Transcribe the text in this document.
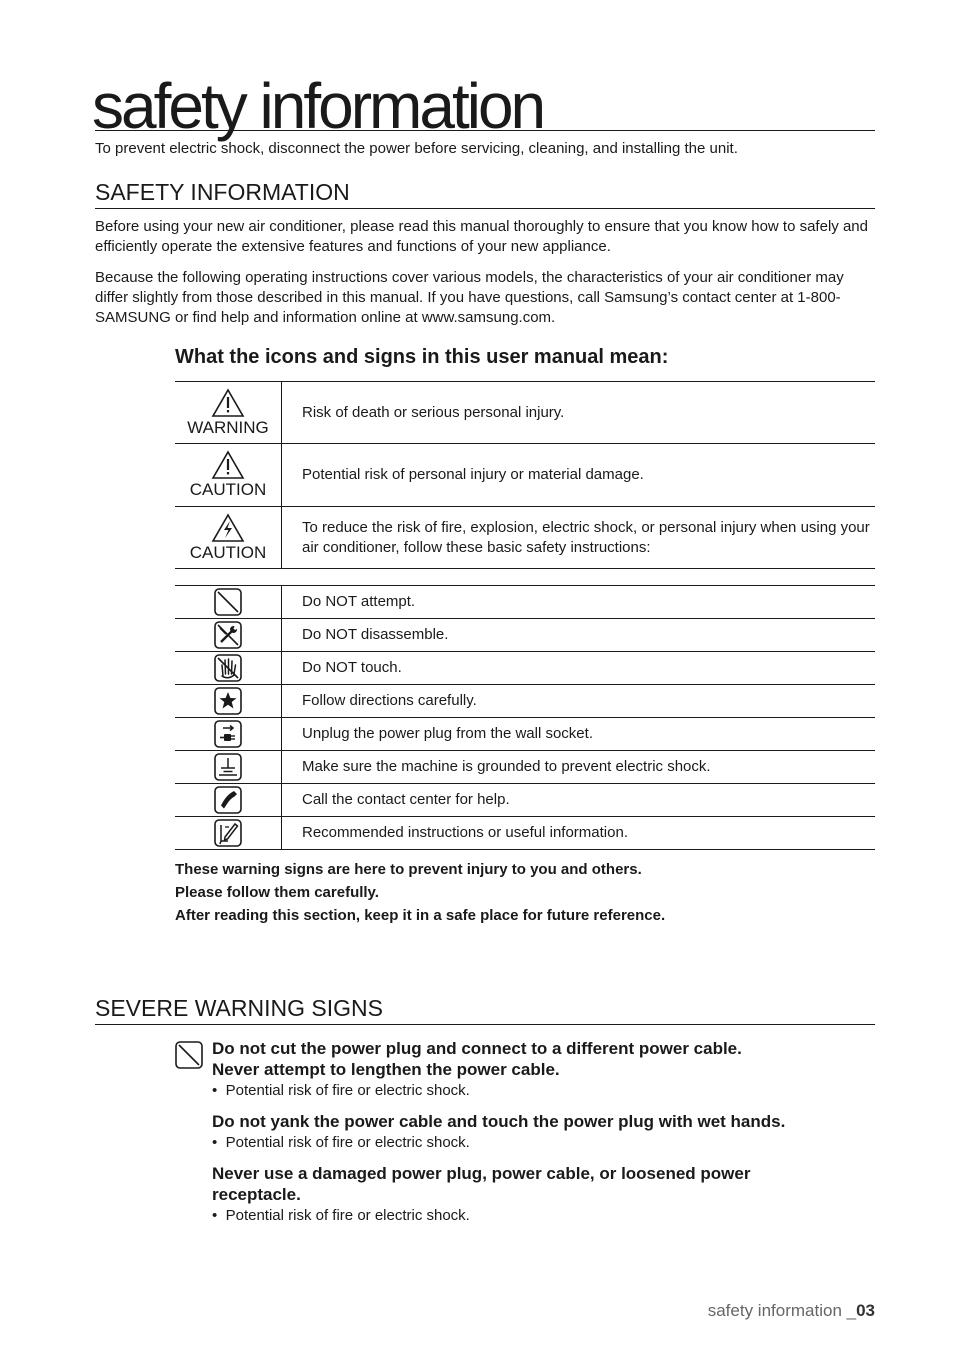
safety information
To prevent electric shock, disconnect the power before servicing, cleaning, and installing the unit.
SAFETY INFORMATION
Before using your new air conditioner, please read this manual thoroughly to ensure that you know how to safely and efficiently operate the extensive features and functions of your new appliance.
Because the following operating instructions cover various models, the characteristics of your air conditioner may differ slightly from those described in this manual. If you have questions, call Samsung’s contact center at 1-800-SAMSUNG or find help and information online at www.samsung.com.
What the icons and signs in this user manual mean:
WARNING	Risk of death or serious personal injury.

CAUTION	Potential risk of personal injury or material damage.

CAUTION	To reduce the risk of fire, explosion, electric shock, or personal injury when using your air conditioner, follow these basic safety instructions:
	Do NOT attempt.

	Do NOT disassemble.

	Do NOT touch.

	Follow directions carefully.

	Unplug the power plug from the wall socket.

	Make sure the machine is grounded to prevent electric shock.

	Call the contact center for help.

	Recommended instructions or useful information.
These warning signs are here to prevent injury to you and others.
Please follow them carefully.
After reading this section, keep it in a safe place for future reference.
SEVERE WARNING SIGNS
Do not cut the power plug and connect to a different power cable.
Never attempt to lengthen the power cable.
•  Potential risk of fire or electric shock.
Do not yank the power cable and touch the power plug with wet hands.
•  Potential risk of fire or electric shock.
Never use a damaged power plug, power cable, or loosened power
receptacle.
•  Potential risk of fire or electric shock.
safety information _03
